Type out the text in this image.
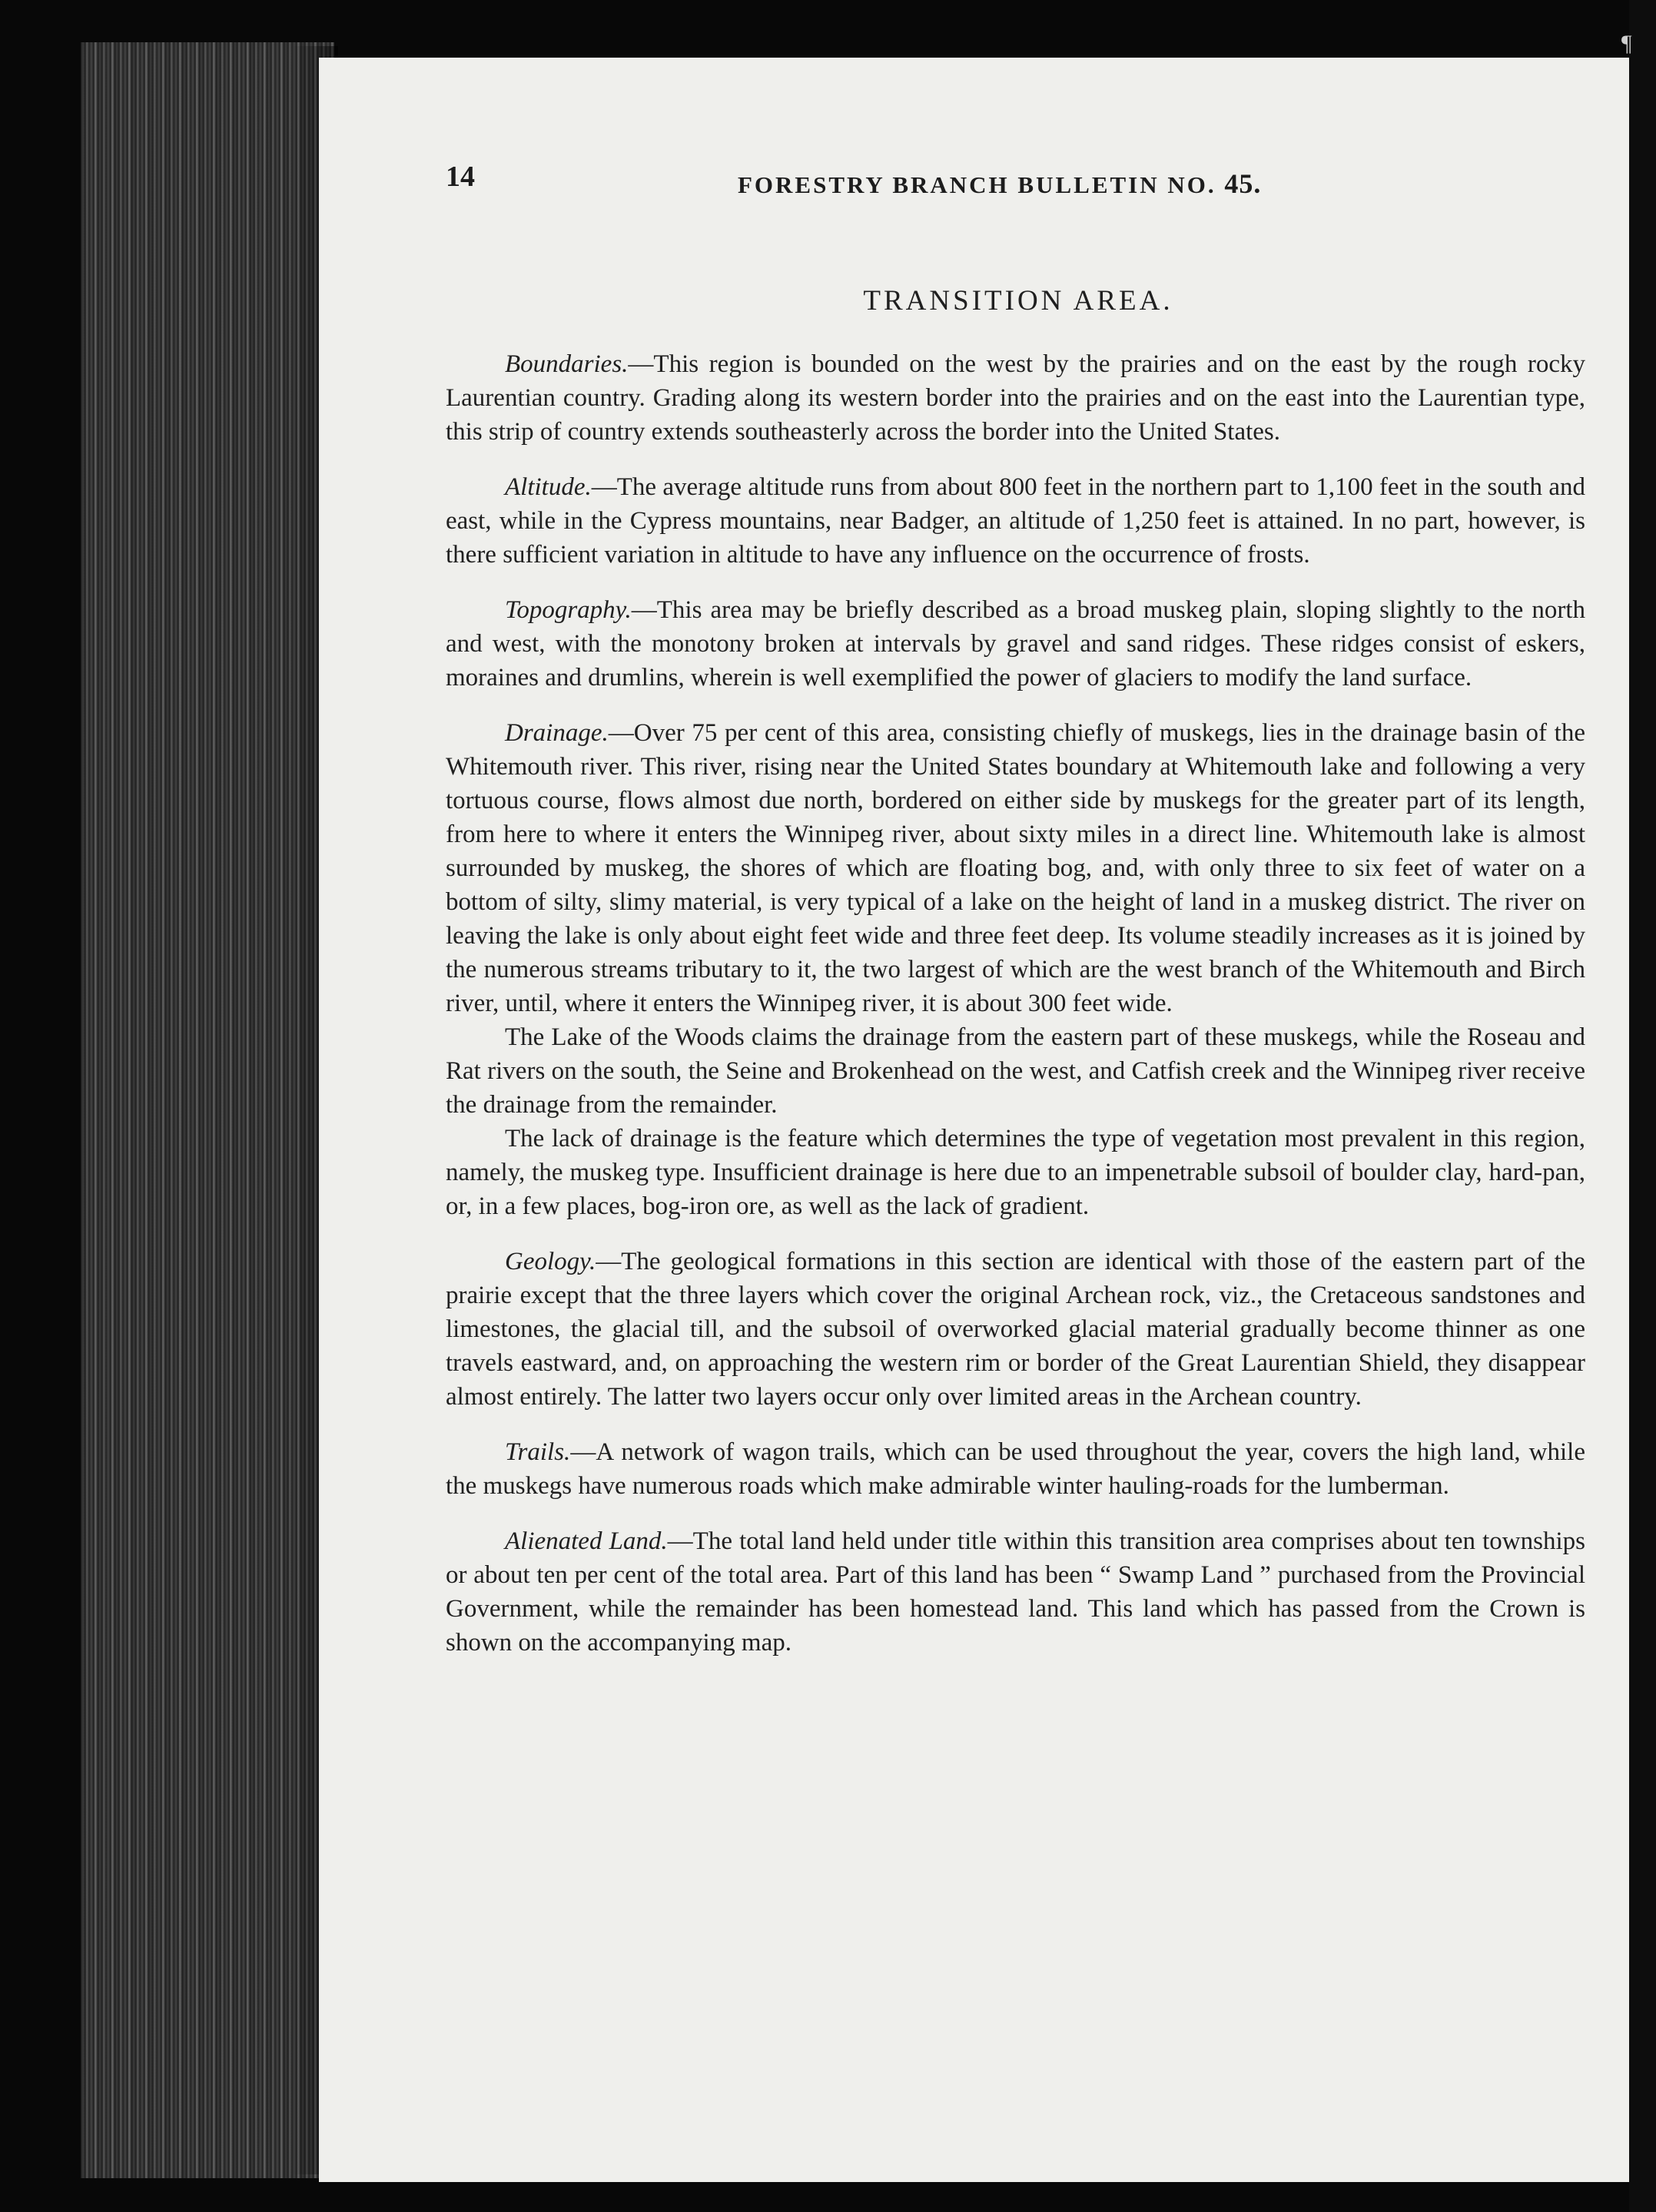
¶
14	FORESTRY BRANCH BULLETIN NO. 45.
TRANSITION AREA.

Boundaries.—This region is bounded on the west by the prairies and on the east by the rough rocky Laurentian country. Grading along its western border into the prairies and on the east into the Laurentian type, this strip of country extends southeasterly across the border into the United States.

Altitude.—The average altitude runs from about 800 feet in the northern part to 1,100 feet in the south and east, while in the Cypress mountains, near Badger, an altitude of 1,250 feet is attained. In no part, however, is there sufficient variation in altitude to have any influence on the occurrence of frosts.

Topography.—This area may be briefly described as a broad muskeg plain, sloping slightly to the north and west, with the monotony broken at intervals by gravel and sand ridges. These ridges consist of eskers, moraines and drumlins, wherein is well exemplified the power of glaciers to modify the land surface.

Drainage.—Over 75 per cent of this area, consisting chiefly of muskegs, lies in the drainage basin of the Whitemouth river. This river, rising near the United States boundary at Whitemouth lake and following a very tortuous course, flows almost due north, bordered on either side by muskegs for the greater part of its length, from here to where it enters the Winnipeg river, about sixty miles in a direct line. Whitemouth lake is almost surrounded by muskeg, the shores of which are floating bog, and, with only three to six feet of water on a bottom of silty, slimy material, is very typical of a lake on the height of land in a muskeg district. The river on leaving the lake is only about eight feet wide and three feet deep. Its volume steadily increases as it is joined by the numerous streams tributary to it, the two largest of which are the west branch of the Whitemouth and Birch river, until, where it enters the Winnipeg river, it is about 300 feet wide.

The Lake of the Woods claims the drainage from the eastern part of these muskegs, while the Roseau and Rat rivers on the south, the Seine and Brokenhead on the west, and Catfish creek and the Winnipeg river receive the drainage from the remainder.

The lack of drainage is the feature which determines the type of vegetation most prevalent in this region, namely, the muskeg type. Insufficient drainage is here due to an impenetrable subsoil of boulder clay, hard-pan, or, in a few places, bog-iron ore, as well as the lack of gradient.

Geology.—The geological formations in this section are identical with those of the eastern part of the prairie except that the three layers which cover the original Archean rock, viz., the Cretaceous sandstones and limestones, the glacial till, and the subsoil of overworked glacial material gradually become thinner as one travels eastward, and, on approaching the western rim or border of the Great Laurentian Shield, they disappear almost entirely. The latter two layers occur only over limited areas in the Archean country.

Trails.—A network of wagon trails, which can be used throughout the year, covers the high land, while the muskegs have numerous roads which make admirable winter hauling-roads for the lumberman.

Alienated Land.—The total land held under title within this transition area comprises about ten townships or about ten per cent of the total area. Part of this land has been “ Swamp Land ” purchased from the Provincial Government, while the remainder has been homestead land. This land which has passed from the Crown is shown on the accompanying map.
